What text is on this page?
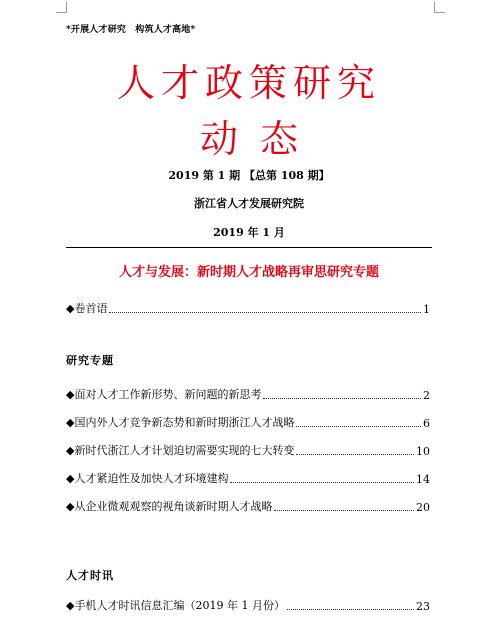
*开展人才研究　构筑人才高地*
人才政策研究
动态
2019 第 1 期 【总第 108 期】
浙江省人才发展研究院
2019 年 1 月
人才与发展：新时期人才战略再审思研究专题
◆卷首语	1
研究专题
◆面对人才工作新形势、新问题的新思考	2
◆国内外人才竞争新态势和新时期浙江人才战略	6
◆新时代浙江人才计划迫切需要实现的七大转变	10
◆人才紧迫性及加快人才环境建构	14
◆从企业微观观察的视角谈新时期人才战略	20
人才时讯
◆手机人才时讯信息汇编（2019 年 1 月份）	23
